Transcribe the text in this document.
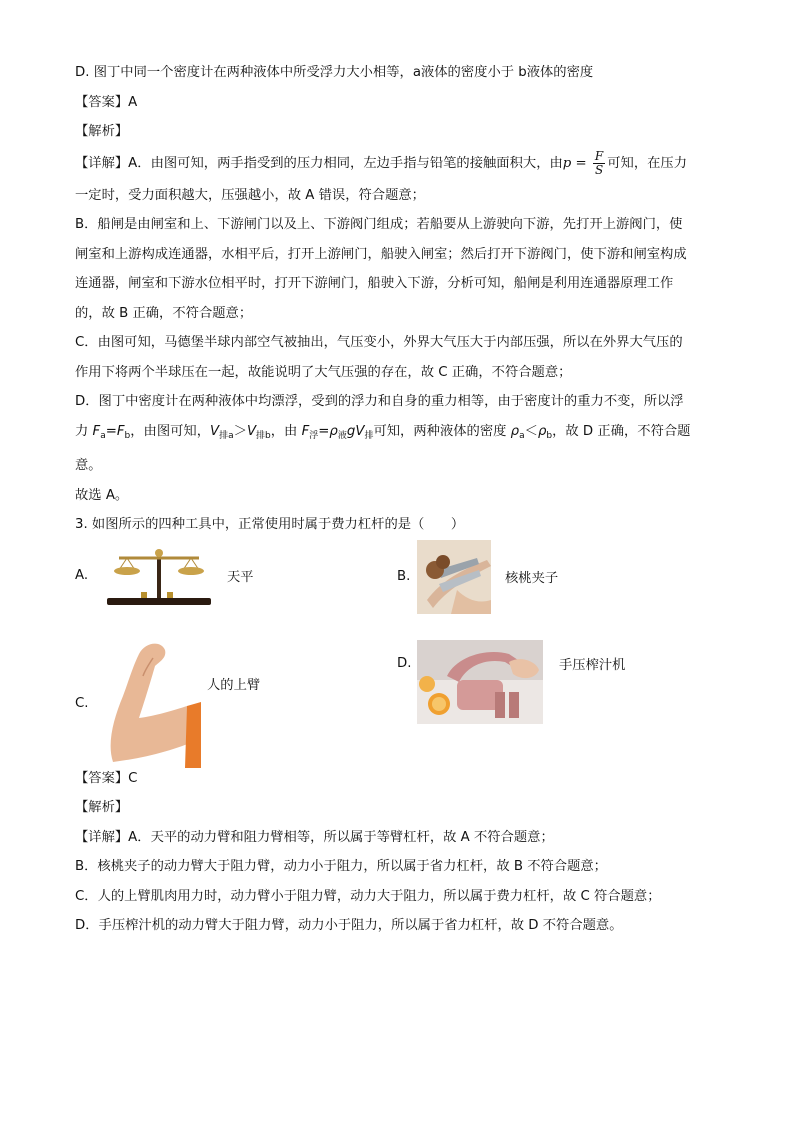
D. 图丁中同一个密度计在两种液体中所受浮力大小相等，a液体的密度小于 b液体的密度

【答案】A

【解析】

【详解】A．由图可知，两手指受到的压力相同，左边手指与铅笔的接触面积大，由$p = \frac{F}{S}$ 可知，在压力

一定时，受力面积越大，压强越小，故 A 错误，符合题意；

B．船闸是由闸室和上、下游闸门以及上、下游阀门组成；若船要从上游驶向下游，先打开上游阀门，使

闸室和上游构成连通器，水相平后，打开上游闸门，船驶入闸室；然后打开下游阀门，使下游和闸室构成

连通器，闸室和下游水位相平时，打开下游闸门，船驶入下游，分析可知，船闸是利用连通器原理工作

的，故 B 正确，不符合题意；

C．由图可知，马德堡半球内部空气被抽出，气压变小，外界大气压大于内部压强，所以在外界大气压的

作用下将两个半球压在一起，故能说明了大气压强的存在，故 C 正确，不符合题意；

D．图丁中密度计在两种液体中均漂浮，受到的浮力和自身的重力相等，由于密度计的重力不变，所以浮

力 $F_a=F_b$，由图可知，$V_{排a}>V_{排b}$，由 $F_浮=\rho_液gV_排$可知，两种液体的密度 $\rho_a<\rho_b$，故 D 正确，不符合题

意。

故选 A。

3. 如图所示的四种工具中，正常使用时属于费力杠杆的是（　　）

A.	天平	B.	核桃夹子
C.
人的上臂
D.	手压榨汁机

【答案】C

【解析】

【详解】A．天平的动力臂和阻力臂相等，所以属于等臂杠杆，故 A 不符合题意；

B．核桃夹子的动力臂大于阻力臂，动力小于阻力，所以属于省力杠杆，故 B 不符合题意；

C．人的上臂肌肉用力时，动力臂小于阻力臂，动力大于阻力，所以属于费力杠杆，故 C 符合题意；

D．手压榨汁机的动力臂大于阻力臂，动力小于阻力，所以属于省力杠杆，故 D 不符合题意。
